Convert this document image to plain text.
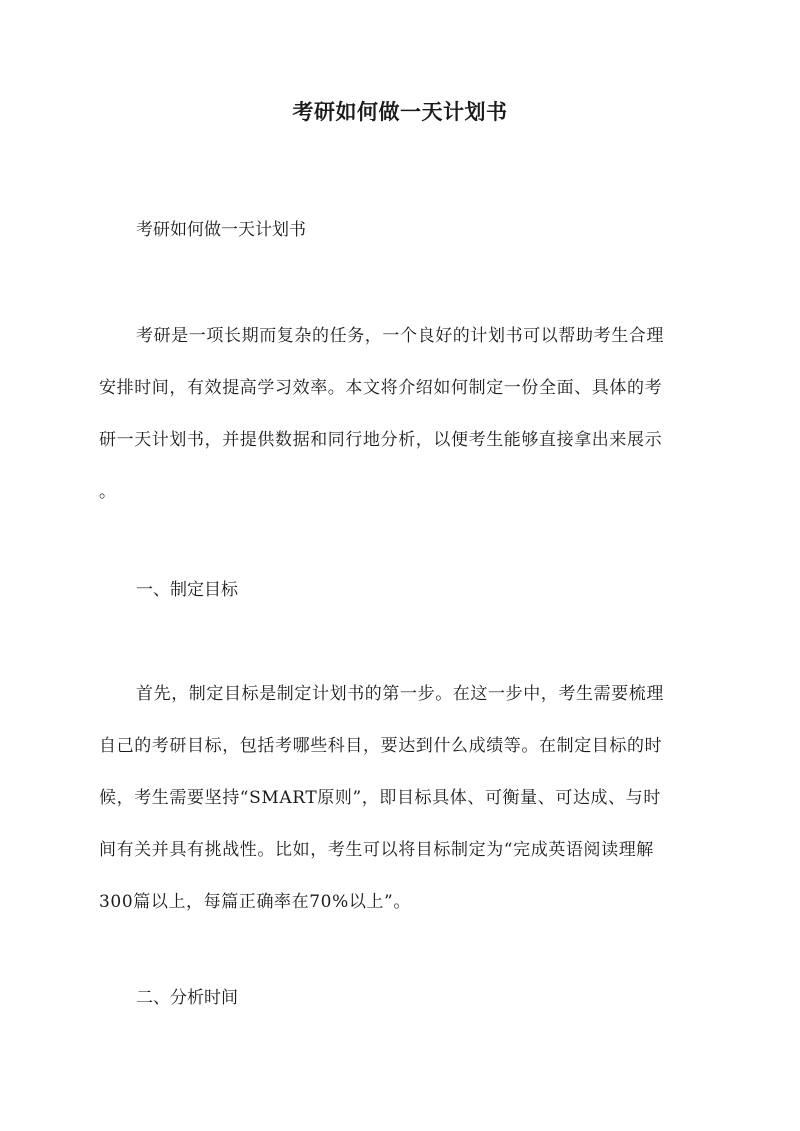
考研如何做一天计划书
考研如何做一天计划书

考研是一项长期而复杂的任务，一个良好的计划书可以帮助考生合理

安排时间，有效提高学习效率。本文将介绍如何制定一份全面、具体的考

研一天计划书，并提供数据和同行地分析，以便考生能够直接拿出来展示

。

一、制定目标

首先，制定目标是制定计划书的第一步。在这一步中，考生需要梳理

自己的考研目标，包括考哪些科目，要达到什么成绩等。在制定目标的时

候，考生需要坚持“SMART原则”，即目标具体、可衡量、可达成、与时

间有关并具有挑战性。比如，考生可以将目标制定为“完成英语阅读理解

300篇以上，每篇正确率在70%以上”。

二、分析时间
